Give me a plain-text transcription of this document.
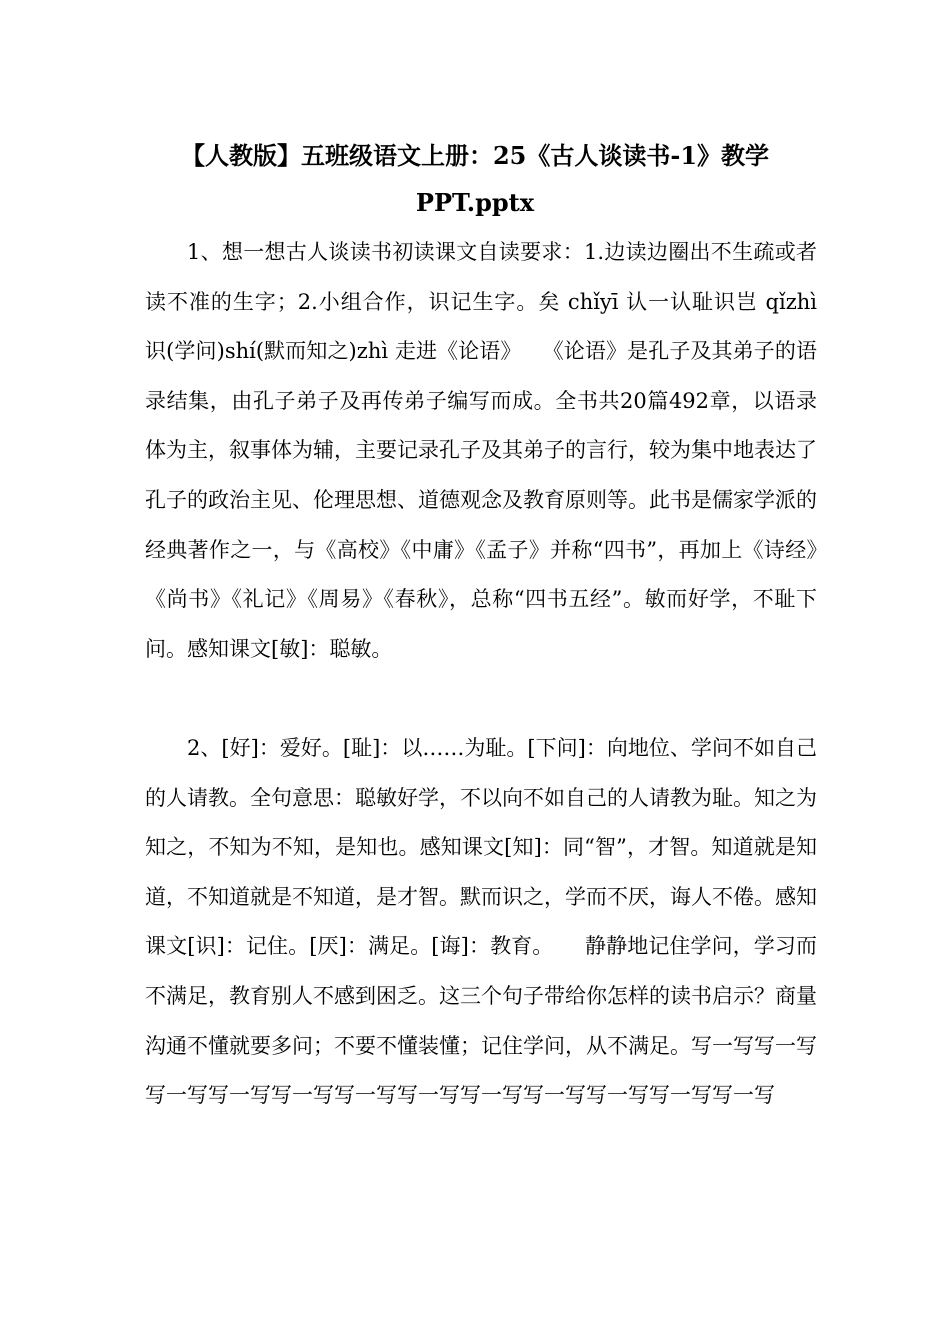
【人教版】五班级语文上册：25《古人谈读书-1》教学
PPT.pptx

1、想一想古人谈读书初读课文自读要求：1.边读边圈出不生疏或者读不准的生字；2.小组合作，识记生字。矣 chǐyī 认一认耻识岂 qǐzhì 识(学问)shí(默而知之)zhì 走进《论语》　　《论语》是孔子及其弟子的语录结集，由孔子弟子及再传弟子编写而成。全书共20篇492章，以语录体为主，叙事体为辅，主要记录孔子及其弟子的言行，较为集中地表达了孔子的政治主见、伦理思想、道德观念及教育原则等。此书是儒家学派的经典著作之一，与《高校》《中庸》《孟子》并称“四书”，再加上《诗经》《尚书》《礼记》《周易》《春秋》，总称“四书五经”。敏而好学，不耻下问。感知课文[敏]：聪敏。

2、[好]：爱好。[耻]：以……为耻。[下问]：向地位、学问不如自己的人请教。全句意思：聪敏好学，不以向不如自己的人请教为耻。知之为知之，不知为不知，是知也。感知课文[知]：同“智”，才智。知道就是知道，不知道就是不知道，是才智。默而识之，学而不厌，诲人不倦。感知课文[识]：记住。[厌]：满足。[诲]：教育。　　静静地记住学问，学习而不满足，教育别人不感到困乏。这三个句子带给你怎样的读书启示？商量 沟通不懂就要多问；不要不懂装懂；记住学问，从不满足。写一写写一写写一写写一写写一写写一写写一写写一写写一写写一写写一写写一写
